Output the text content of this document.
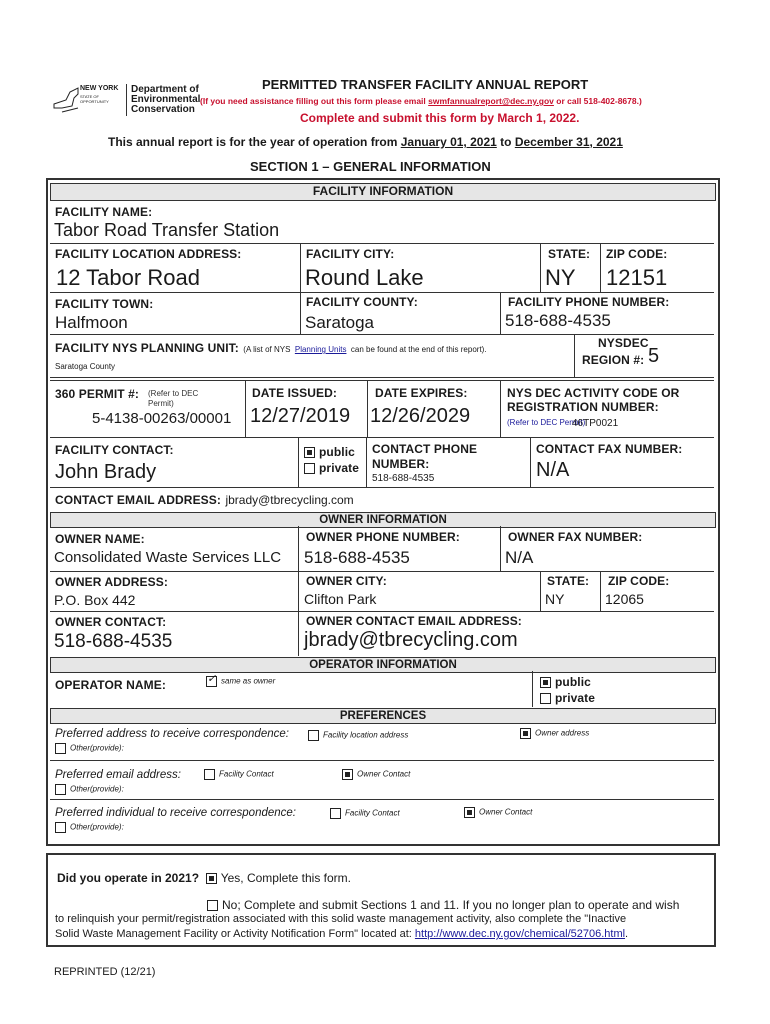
NEW YORK
STATE OF OPPORTUNITY
Department of
Environmental
Conservation
PERMITTED TRANSFER FACILITY ANNUAL REPORT
(If you need assistance filling out this form please email swmfannualreport@dec.ny.gov or call 518-402-8678.)
Complete and submit this form by March 1, 2022.
This annual report is for the year of operation from January 01, 2021 to December 31, 2021
SECTION 1 – GENERAL INFORMATION
FACILITY INFORMATION
FACILITY NAME:
Tabor Road Transfer Station
FACILITY LOCATION ADDRESS:	FACILITY CITY:	STATE: ZIP CODE:
12 Tabor Road	Round Lake	NY 12151
FACILITY TOWN:	FACILITY COUNTY:	FACILITY PHONE NUMBER:
Halfmoon	Saratoga	518-688-4535
FACILITY NYS PLANNING UNIT: (A list of NYS Planning Units can be found at the end of this report).
Saratoga County
NYSDEC
REGION #: 5
360 PERMIT #: (Refer to DEC Permit)
5-4138-00263/00001
DATE ISSUED:
12/27/2019
DATE EXPIRES:
12/26/2029
NYS DEC ACTIVITY CODE OR REGISTRATION NUMBER:
(Refer to DEC Permit)
46TP0021
FACILITY CONTACT:
John Brady
public
private
CONTACT PHONE
NUMBER:
518-688-4535
CONTACT FAX NUMBER:
N/A
CONTACT EMAIL ADDRESS: jbrady@tbrecycling.com
OWNER INFORMATION
OWNER NAME:
Consolidated Waste Services LLC
OWNER PHONE NUMBER:
518-688-4535
OWNER FAX NUMBER:
N/A
OWNER ADDRESS:
P.O. Box 442
OWNER CITY:
Clifton Park
STATE:
NY
ZIP CODE:
12065
OWNER CONTACT:
518-688-4535
OWNER CONTACT EMAIL ADDRESS:
jbrady@tbrecycling.com
OPERATOR INFORMATION
OPERATOR NAME:
✓	same as owner	public
private
PREFERENCES
Preferred address to receive correspondence:	Facility location address	Owner address
Other(provide):
Preferred email address:	Facility Contact	Owner Contact
Other(provide):
Preferred individual to receive correspondence:	Facility Contact	Owner Contact
Other(provide):
Did you operate in 2021? Yes, Complete this form.
No; Complete and submit Sections 1 and 11. If you no longer plan to operate and wish
to relinquish your permit/registration associated with this solid waste management activity, also complete the "Inactive
Solid Waste Management Facility or Activity Notification Form" located at: http://www.dec.ny.gov/chemical/52706.html.
REPRINTED (12/21)
